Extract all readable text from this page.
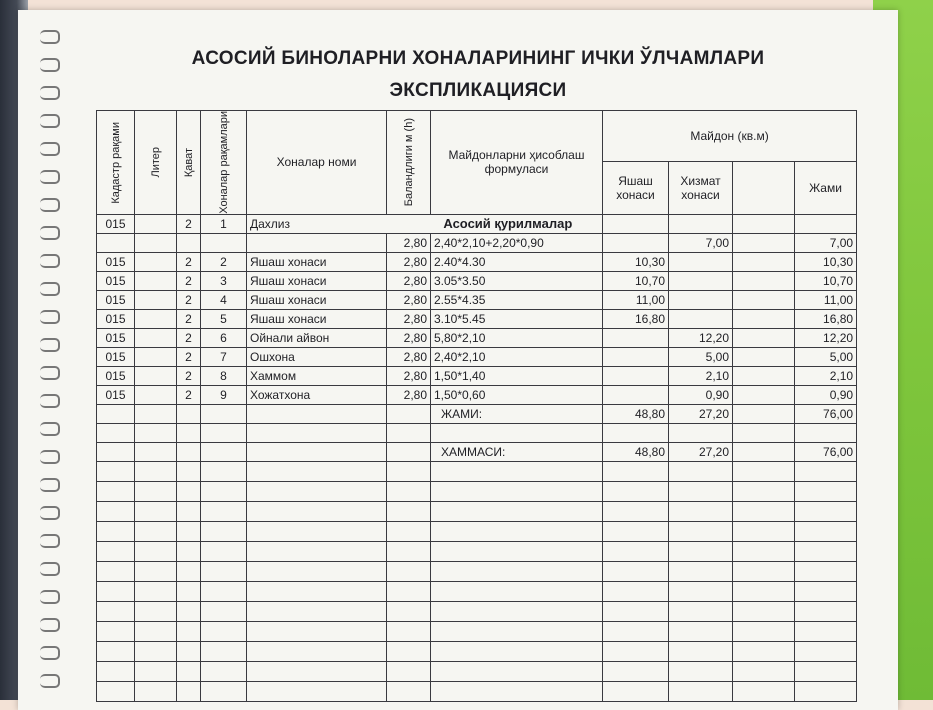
АСОСИЙ БИНОЛАРНИ ХОНАЛАРИНИНГ ИЧКИ ЎЛЧАМЛАРИ
ЭКСПЛИКАЦИЯСИ
Кадастр рақами	Литер	Қават	Хоналар рақамлари	Хоналар номи	Баландлиги м (h)	Майдонларни ҳисоблаш формуласи	Майдон (кв.м)			
							Яшаш хонаси	Хизмат хонаси		Жами
015		2	1	Дахлиз Асосий қурилмалар						
					2,80	2,40*2,10+2,20*0,90		7,00		7,00
015		2	2	Яшаш хонаси	2,80	2.40*4.30	10,30			10,30
015		2	3	Яшаш хонаси	2,80	3.05*3.50	10,70			10,70
015		2	4	Яшаш хонаси	2,80	2.55*4.35	11,00			11,00
015		2	5	Яшаш хонаси	2,80	3.10*5.45	16,80			16,80
015		2	6	Ойнали айвон	2,80	5,80*2,10		12,20		12,20
015		2	7	Ошхона	2,80	2,40*2,10		5,00		5,00
015		2	8	Хаммом	2,80	1,50*1,40		2,10		2,10
015		2	9	Хожатхона	2,80	1,50*0,60		0,90		0,90
						ЖАМИ:	48,80	27,20		76,00

						ХАММАСИ:	48,80	27,20		76,00
